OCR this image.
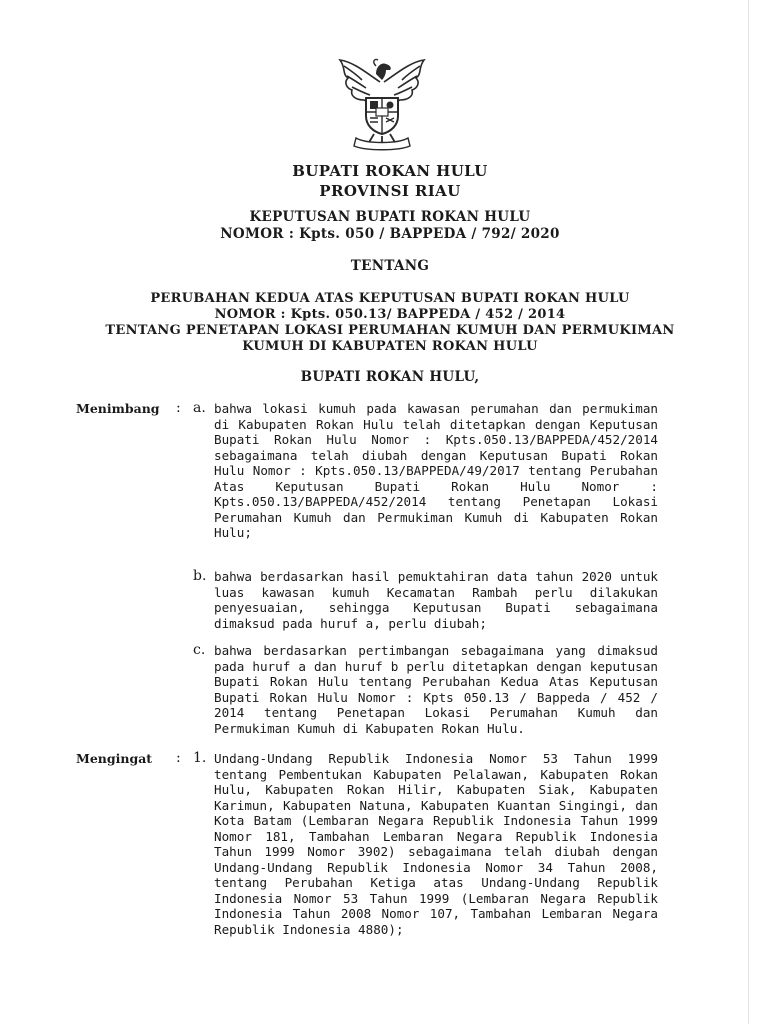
BUPATI ROKAN HULU
PROVINSI RIAU
KEPUTUSAN BUPATI ROKAN HULU
NOMOR : Kpts. 050 / BAPPEDA / 792/ 2020
TENTANG
PERUBAHAN KEDUA ATAS KEPUTUSAN BUPATI ROKAN HULU
NOMOR : Kpts. 050.13/ BAPPEDA / 452 / 2014
TENTANG PENETAPAN LOKASI PERUMAHAN KUMUH DAN PERMUKIMAN
KUMUH DI KABUPATEN ROKAN HULU
BUPATI ROKAN HULU,
Menimbang : a. bahwa lokasi kumuh pada kawasan perumahan dan permukiman di Kabupaten Rokan Hulu telah ditetapkan dengan Keputusan Bupati Rokan Hulu Nomor : Kpts.050.13/BAPPEDA/452/2014 sebagaimana telah diubah dengan Keputusan Bupati Rokan Hulu Nomor : Kpts.050.13/BAPPEDA/49/2017 tentang Perubahan Atas Keputusan Bupati Rokan Hulu Nomor : Kpts.050.13/BAPPEDA/452/2014 tentang Penetapan Lokasi Perumahan Kumuh dan Permukiman Kumuh di Kabupaten Rokan Hulu;
b. bahwa berdasarkan hasil pemuktahiran data tahun 2020 untuk luas kawasan kumuh Kecamatan Rambah perlu dilakukan penyesuaian, sehingga Keputusan Bupati sebagaimana dimaksud pada huruf a, perlu diubah;
c. bahwa berdasarkan pertimbangan sebagaimana yang dimaksud pada huruf a dan huruf b perlu ditetapkan dengan keputusan Bupati Rokan Hulu tentang Perubahan Kedua Atas Keputusan Bupati Rokan Hulu Nomor : Kpts 050.13 / Bappeda / 452 / 2014 tentang Penetapan Lokasi Perumahan Kumuh dan Permukiman Kumuh di Kabupaten Rokan Hulu.
Mengingat : 1. Undang-Undang Republik Indonesia Nomor 53 Tahun 1999 tentang Pembentukan Kabupaten Pelalawan, Kabupaten Rokan Hulu, Kabupaten Rokan Hilir, Kabupaten Siak, Kabupaten Karimun, Kabupaten Natuna, Kabupaten Kuantan Singingi, dan Kota Batam (Lembaran Negara Republik Indonesia Tahun 1999 Nomor 181, Tambahan Lembaran Negara Republik Indonesia Tahun 1999 Nomor 3902) sebagaimana telah diubah dengan Undang-Undang Republik Indonesia Nomor 34 Tahun 2008, tentang Perubahan Ketiga atas Undang-Undang Republik Indonesia Nomor 53 Tahun 1999 (Lembaran Negara Republik Indonesia Tahun 2008 Nomor 107, Tambahan Lembaran Negara Republik Indonesia 4880);
